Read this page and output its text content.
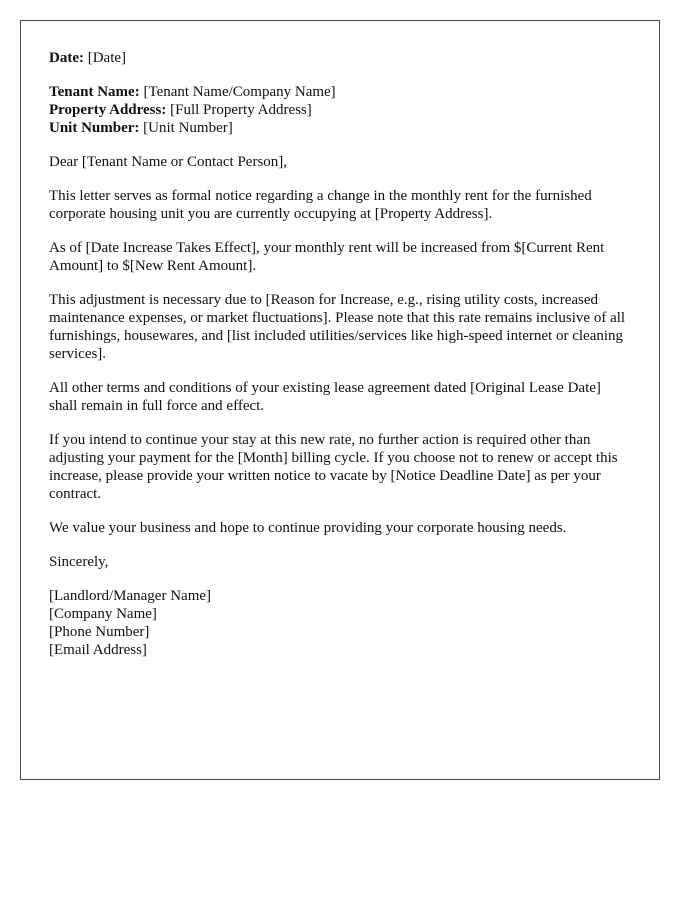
Date: [Date]

Tenant Name: [Tenant Name/Company Name]

Property Address: [Full Property Address]

Unit Number: [Unit Number]

Dear [Tenant Name or Contact Person],

This letter serves as formal notice regarding a change in the monthly rent for the furnished corporate housing unit you are currently occupying at [Property Address].

As of [Date Increase Takes Effect], your monthly rent will be increased from $[Current Rent Amount] to $[New Rent Amount].

This adjustment is necessary due to [Reason for Increase, e.g., rising utility costs, increased maintenance expenses, or market fluctuations]. Please note that this rate remains inclusive of all furnishings, housewares, and [list included utilities/services like high-speed internet or cleaning services].

All other terms and conditions of your existing lease agreement dated [Original Lease Date] shall remain in full force and effect.

If you intend to continue your stay at this new rate, no further action is required other than adjusting your payment for the [Month] billing cycle. If you choose not to renew or accept this increase, please provide your written notice to vacate by [Notice Deadline Date] as per your contract.

We value your business and hope to continue providing your corporate housing needs.

Sincerely,

[Landlord/Manager Name]

[Company Name]

[Phone Number]

[Email Address]
